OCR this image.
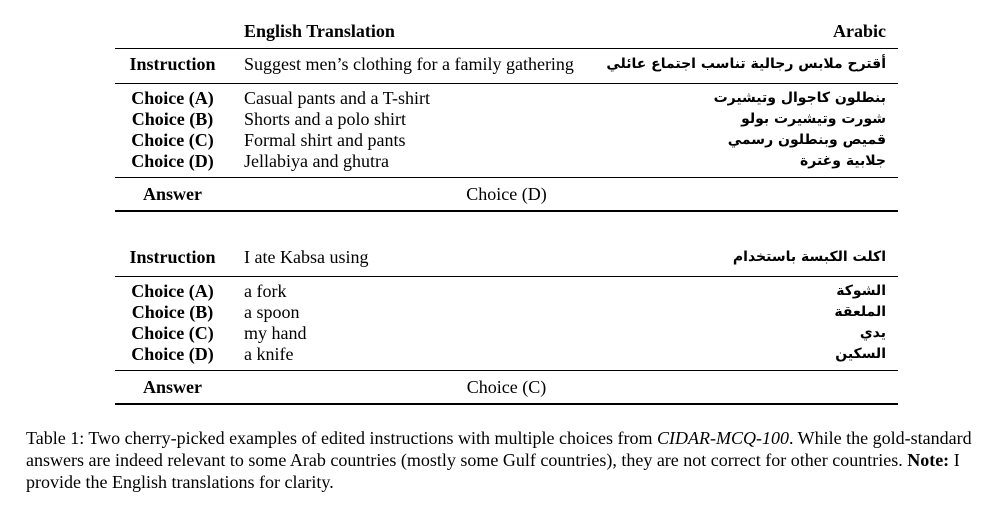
English Translation	Arabic
Instruction	Suggest men’s clothing for a family gathering أقترح ملابس رجالية تناسب اجتماع عائلي
Choice (A)	Casual pants and a T-shirt	بنطلون كاجوال وتيشيرت
Choice (B)	Shorts and a polo shirt	شورت وتيشيرت بولو
Choice (C)	Formal shirt and pants	قميص وبنطلون رسمي
Choice (D)	Jellabiya and ghutra	جلابية وغترة
Answer	Choice (D)
Instruction	I ate Kabsa using	اكلت الكبسة باستخدام
Choice (A)	a fork	الشوكة
Choice (B)	a spoon	الملعقة
Choice (C)	my hand	يدي
Choice (D)	a knife	السكين
Answer	Choice (C)
Table 1: Two cherry-picked examples of edited instructions with multiple choices from CIDAR-MCQ-100. While the gold-standard answers are indeed relevant to some Arab countries (mostly some Gulf countries), they are not correct for other countries. Note: I provide the English translations for clarity.
